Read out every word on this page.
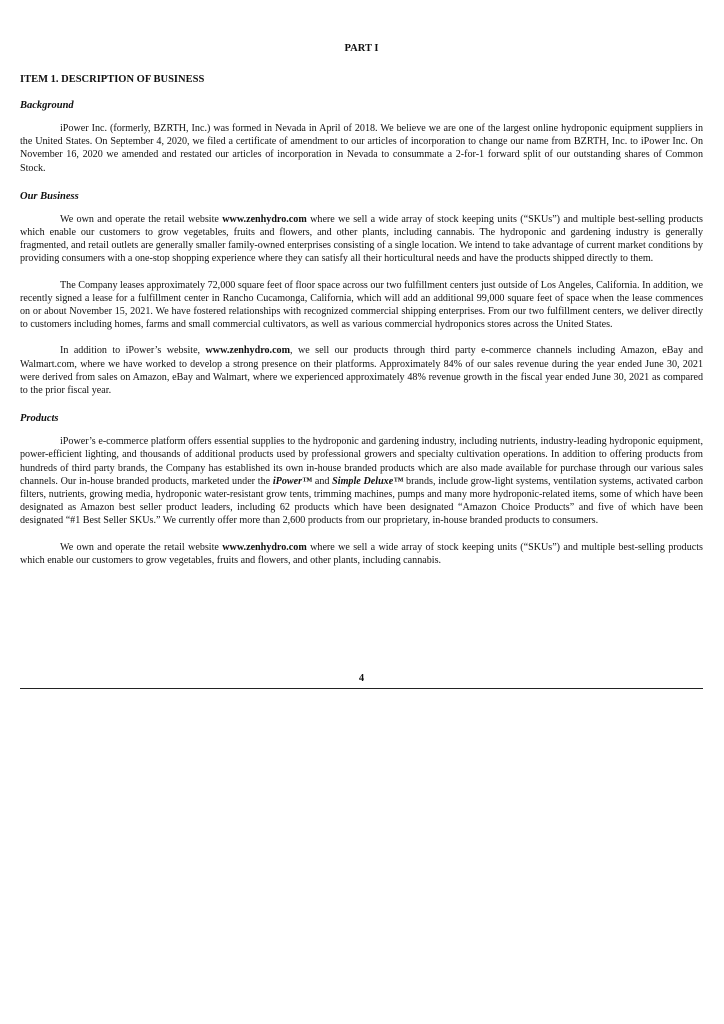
PART I
ITEM 1. DESCRIPTION OF BUSINESS
Background

iPower Inc. (formerly, BZRTH, Inc.) was formed in Nevada in April of 2018. We believe we are one of the largest online hydroponic equipment suppliers in the United States. On September 4, 2020, we filed a certificate of amendment to our articles of incorporation to change our name from BZRTH, Inc. to iPower Inc. On November 16, 2020 we amended and restated our articles of incorporation in Nevada to consummate a 2-for-1 forward split of our outstanding shares of Common Stock.

Our Business

We own and operate the retail website www.zenhydro.com where we sell a wide array of stock keeping units (“SKUs”) and multiple best-selling products which enable our customers to grow vegetables, fruits and flowers, and other plants, including cannabis. The hydroponic and gardening industry is generally fragmented, and retail outlets are generally smaller family-owned enterprises consisting of a single location. We intend to take advantage of current market conditions by providing consumers with a one-stop shopping experience where they can satisfy all their horticultural needs and have the products shipped directly to them.

The Company leases approximately 72,000 square feet of floor space across our two fulfillment centers just outside of Los Angeles, California. In addition, we recently signed a lease for a fulfillment center in Rancho Cucamonga, California, which will add an additional 99,000 square feet of space when the lease commences on or about November 15, 2021. We have fostered relationships with recognized commercial shipping enterprises. From our two fulfillment centers, we deliver directly to customers including homes, farms and small commercial cultivators, as well as various commercial hydroponics stores across the United States.

In addition to iPower’s website, www.zenhydro.com, we sell our products through third party e-commerce channels including Amazon, eBay and Walmart.com, where we have worked to develop a strong presence on their platforms. Approximately 84% of our sales revenue during the year ended June 30, 2021 were derived from sales on Amazon, eBay and Walmart, where we experienced approximately 48% revenue growth in the fiscal year ended June 30, 2021 as compared to the prior fiscal year.

Products

iPower’s e-commerce platform offers essential supplies to the hydroponic and gardening industry, including nutrients, industry-leading hydroponic equipment, power-efficient lighting, and thousands of additional products used by professional growers and specialty cultivation operations. In addition to offering products from hundreds of third party brands, the Company has established its own in-house branded products which are also made available for purchase through our various sales channels. Our in-house branded products, marketed under the iPower™ and Simple Deluxe™ brands, include grow-light systems, ventilation systems, activated carbon filters, nutrients, growing media, hydroponic water-resistant grow tents, trimming machines, pumps and many more hydroponic-related items, some of which have been designated as Amazon best seller product leaders, including 62 products which have been designated “Amazon Choice Products” and five of which have been designated “#1 Best Seller SKUs.” We currently offer more than 2,600 products from our proprietary, in-house branded products to consumers.

We own and operate the retail website www.zenhydro.com where we sell a wide array of stock keeping units (“SKUs”) and multiple best-selling products which enable our customers to grow vegetables, fruits and flowers, and other plants, including cannabis.

4
